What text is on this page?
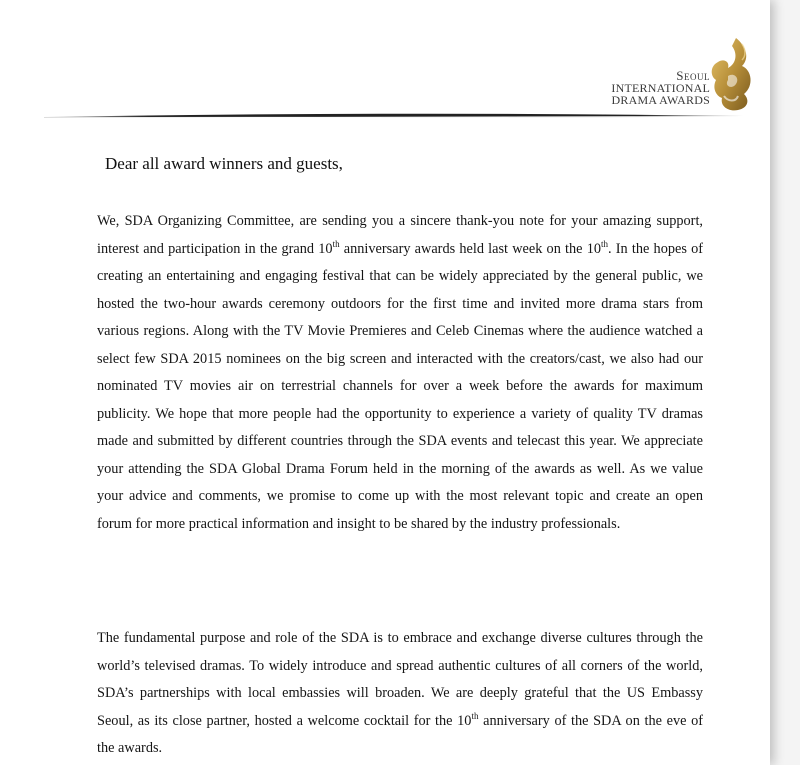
Seoul
INTERNATIONAL
DRAMA AWARDS
Dear all award winners and guests,

We, SDA Organizing Committee, are sending you a sincere thank-you note for your amazing support, interest and participation in the grand 10th anniversary awards held last week on the 10th. In the hopes of creating an entertaining and engaging festival that can be widely appreciated by the general public, we hosted the two-hour awards ceremony outdoors for the first time and invited more drama stars from various regions. Along with the TV Movie Premieres and Celeb Cinemas where the audience watched a select few SDA 2015 nominees on the big screen and interacted with the creators/cast, we also had our nominated TV movies air on terrestrial channels for over a week before the awards for maximum publicity. We hope that more people had the opportunity to experience a variety of quality TV dramas made and submitted by different countries through the SDA events and telecast this year. We appreciate your attending the SDA Global Drama Forum held in the morning of the awards as well. As we value your advice and comments, we promise to come up with the most relevant topic and create an open forum for more practical information and insight to be shared by the industry professionals.

The fundamental purpose and role of the SDA is to embrace and exchange diverse cultures through the world’s televised dramas. To widely introduce and spread authentic cultures of all corners of the world, SDA’s partnerships with local embassies will broaden. We are deeply grateful that the US Embassy Seoul, as its close partner, hosted a welcome cocktail for the 10th anniversary of the SDA on the eve of the awards.
